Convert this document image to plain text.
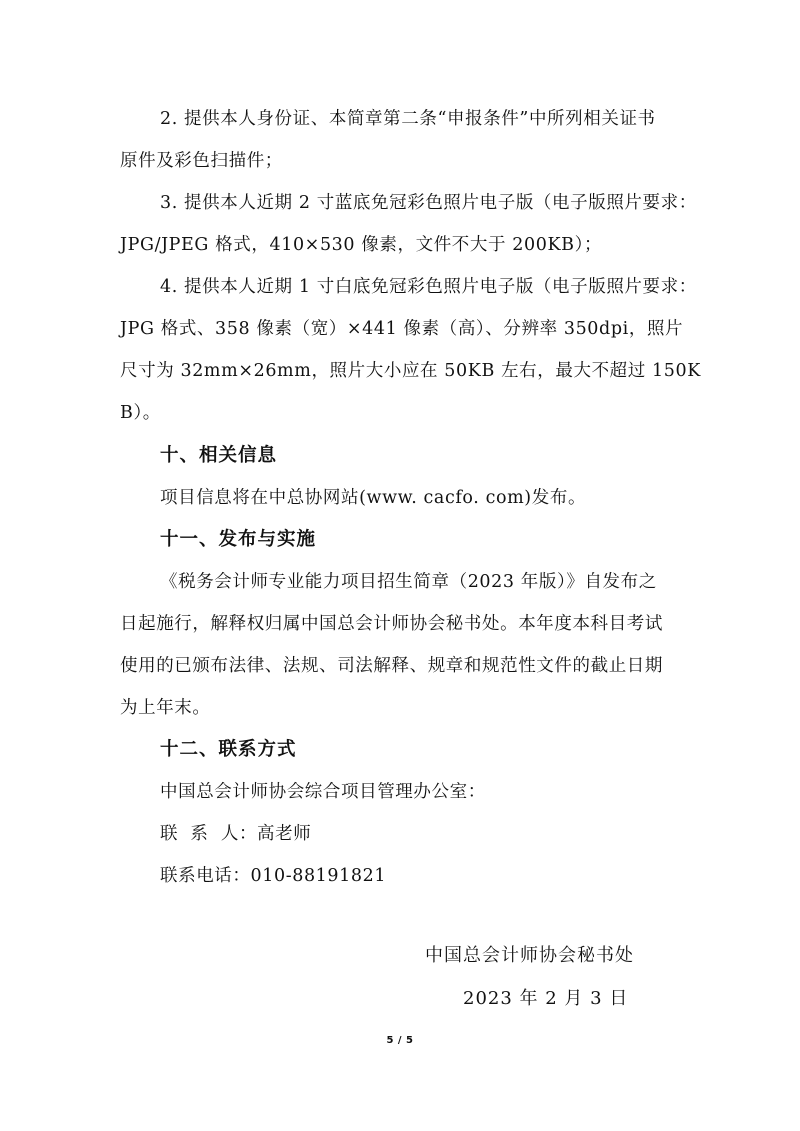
2. 提供本人身份证、本简章第二条“申报条件”中所列相关证书
原件及彩色扫描件；
3. 提供本人近期 2 寸蓝底免冠彩色照片电子版（电子版照片要求：
JPG/JPEG 格式，410×530 像素，文件不大于 200KB）；
4. 提供本人近期 1 寸白底免冠彩色照片电子版（电子版照片要求：
JPG 格式、358 像素（宽）×441 像素（高）、分辨率 350dpi，照片
尺寸为 32mm×26mm，照片大小应在 50KB 左右，最大不超过 150K
B）。
十、相关信息
项目信息将在中总协网站(www. cacfo. com)发布。
十一、发布与实施
《税务会计师专业能力项目招生简章（2023 年版）》自发布之
日起施行，解释权归属中国总会计师协会秘书处。本年度本科目考试
使用的已颁布法律、法规、司法解释、规章和规范性文件的截止日期
为上年末。
十二、联系方式
中国总会计师协会综合项目管理办公室：
联  系  人：高老师
联系电话：010-88191821
中国总会计师协会秘书处
2023 年 2 月 3 日
5 / 5
